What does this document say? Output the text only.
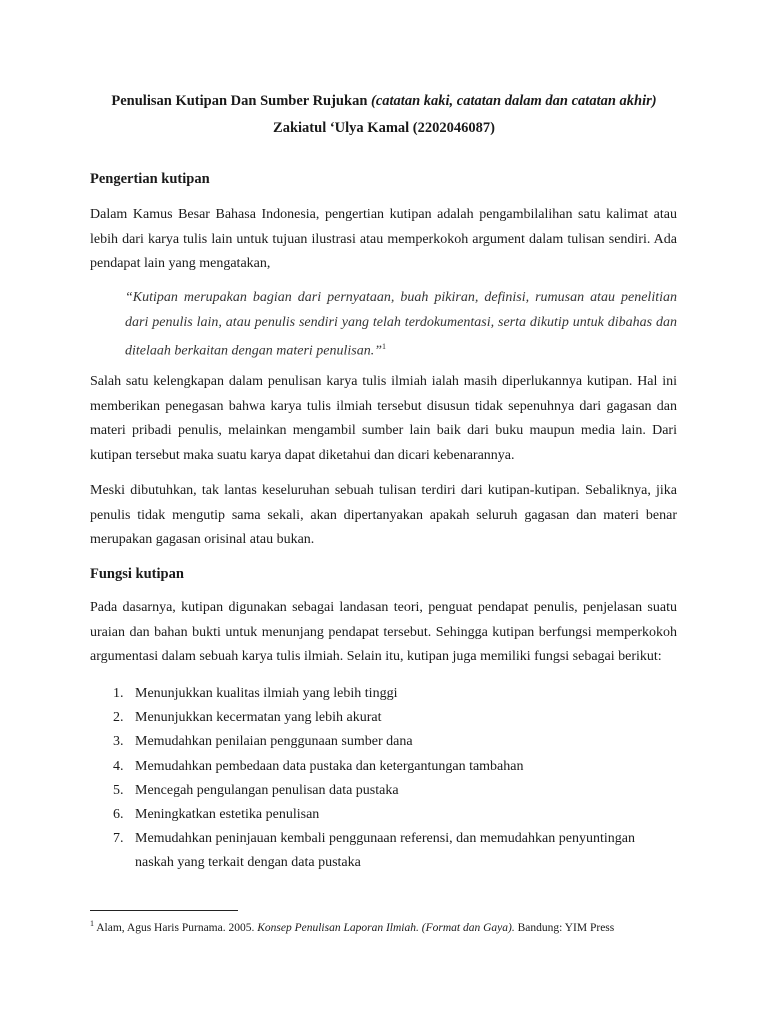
Penulisan Kutipan Dan Sumber Rujukan (catatan kaki, catatan dalam dan catatan akhir)
Zakiatul ‘Ulya Kamal (2202046087)
Pengertian kutipan

Dalam Kamus Besar Bahasa Indonesia, pengertian kutipan adalah pengambilalihan satu kalimat atau lebih dari karya tulis lain untuk tujuan ilustrasi atau memperkokoh argument dalam tulisan sendiri. Ada pendapat lain yang mengatakan,

“Kutipan merupakan bagian dari pernyataan, buah pikiran, definisi, rumusan atau penelitian dari penulis lain, atau penulis sendiri yang telah terdokumentasi, serta dikutip untuk dibahas dan ditelaah berkaitan dengan materi penulisan.”$^1$

Salah satu kelengkapan dalam penulisan karya tulis ilmiah ialah masih diperlukannya kutipan. Hal ini memberikan penegasan bahwa karya tulis ilmiah tersebut disusun tidak sepenuhnya dari gagasan dan materi pribadi penulis, melainkan mengambil sumber lain baik dari buku maupun media lain. Dari kutipan tersebut maka suatu karya dapat diketahui dan dicari kebenarannya.

Meski dibutuhkan, tak lantas keseluruhan sebuah tulisan terdiri dari kutipan-kutipan. Sebaliknya, jika penulis tidak mengutip sama sekali, akan dipertanyakan apakah seluruh gagasan dan materi benar merupakan gagasan orisinal atau bukan.

Fungsi kutipan

Pada dasarnya, kutipan digunakan sebagai landasan teori, penguat pendapat penulis, penjelasan suatu uraian dan bahan bukti untuk menunjang pendapat tersebut. Sehingga kutipan berfungsi memperkokoh argumentasi dalam sebuah karya tulis ilmiah. Selain itu, kutipan juga memiliki fungsi sebagai berikut:

1. Menunjukkan kualitas ilmiah yang lebih tinggi
2. Menunjukkan kecermatan yang lebih akurat
3. Memudahkan penilaian penggunaan sumber dana
4. Memudahkan pembedaan data pustaka dan ketergantungan tambahan
5. Mencegah pengulangan penulisan data pustaka
6. Meningkatkan estetika penulisan
7. Memudahkan peninjauan kembali penggunaan referensi, dan memudahkan penyuntingan naskah yang terkait dengan data pustaka
$^1$ Alam, Agus Haris Purnama. 2005. Konsep Penulisan Laporan Ilmiah. (Format dan Gaya). Bandung: YIM Press
